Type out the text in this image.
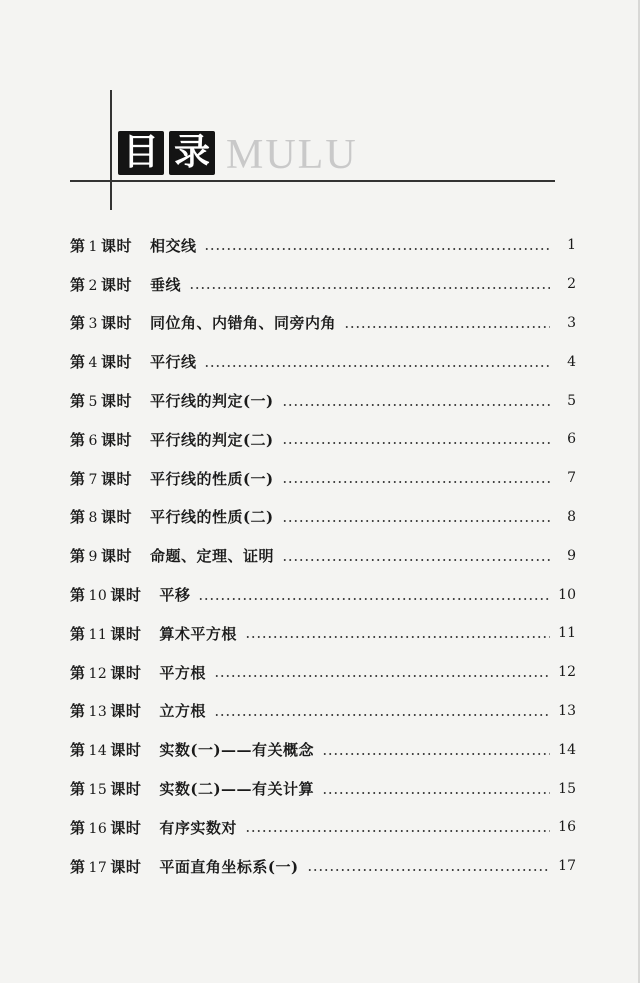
目 录 MULU
第 1 课时 相交线	1
第 2 课时 垂线	2
第 3 课时 同位角、内错角、同旁内角	3
第 4 课时 平行线	4
第 5 课时 平行线的判定(一)	5
第 6 课时 平行线的判定(二)	6
第 7 课时 平行线的性质(一)	7
第 8 课时 平行线的性质(二)	8
第 9 课时 命题、定理、证明	9
第 10 课时 平移	10
第 11 课时 算术平方根	11
第 12 课时 平方根	12
第 13 课时 立方根	13
第 14 课时 实数(一)——有关概念	14
第 15 课时 实数(二)——有关计算	15
第 16 课时 有序实数对	16
第 17 课时 平面直角坐标系(一)	17
